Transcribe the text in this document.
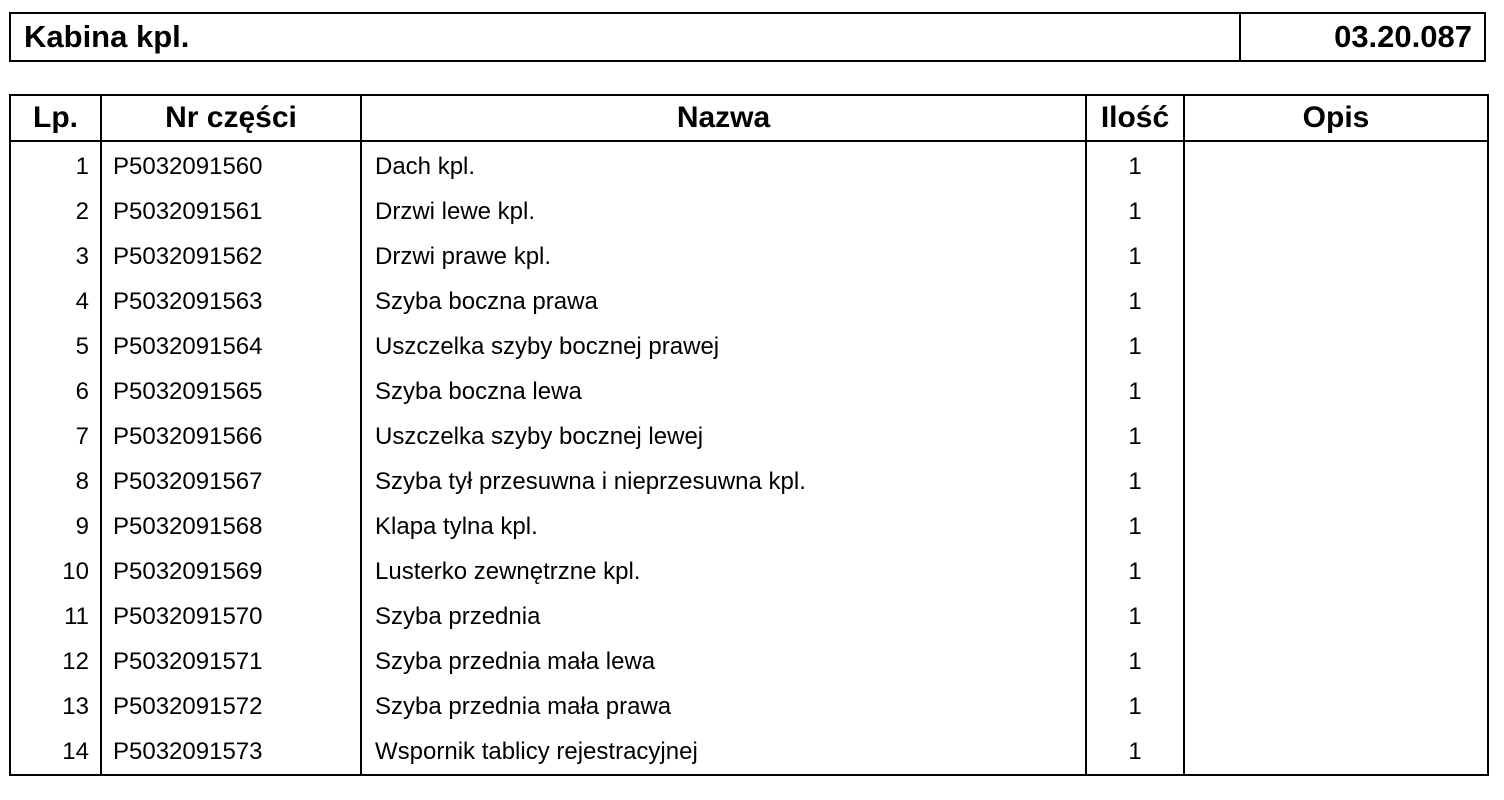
Kabina kpl.	03.20.087
Lp.	Nr części	Nazwa	Ilość	Opis
1	P5032091560	Dach kpl.	1	
2	P5032091561	Drzwi lewe kpl.	1	
3	P5032091562	Drzwi prawe kpl.	1	
4	P5032091563	Szyba boczna prawa	1	
5	P5032091564	Uszczelka szyby bocznej prawej	1	
6	P5032091565	Szyba boczna lewa	1	
7	P5032091566	Uszczelka szyby bocznej lewej	1	
8	P5032091567	Szyba tył przesuwna i nieprzesuwna kpl.	1	
9	P5032091568	Klapa tylna kpl.	1	
10	P5032091569	Lusterko zewnętrzne kpl.	1	
11	P5032091570	Szyba przednia	1	
12	P5032091571	Szyba przednia mała lewa	1	
13	P5032091572	Szyba przednia mała prawa	1	
14	P5032091573	Wspornik tablicy rejestracyjnej	1	
